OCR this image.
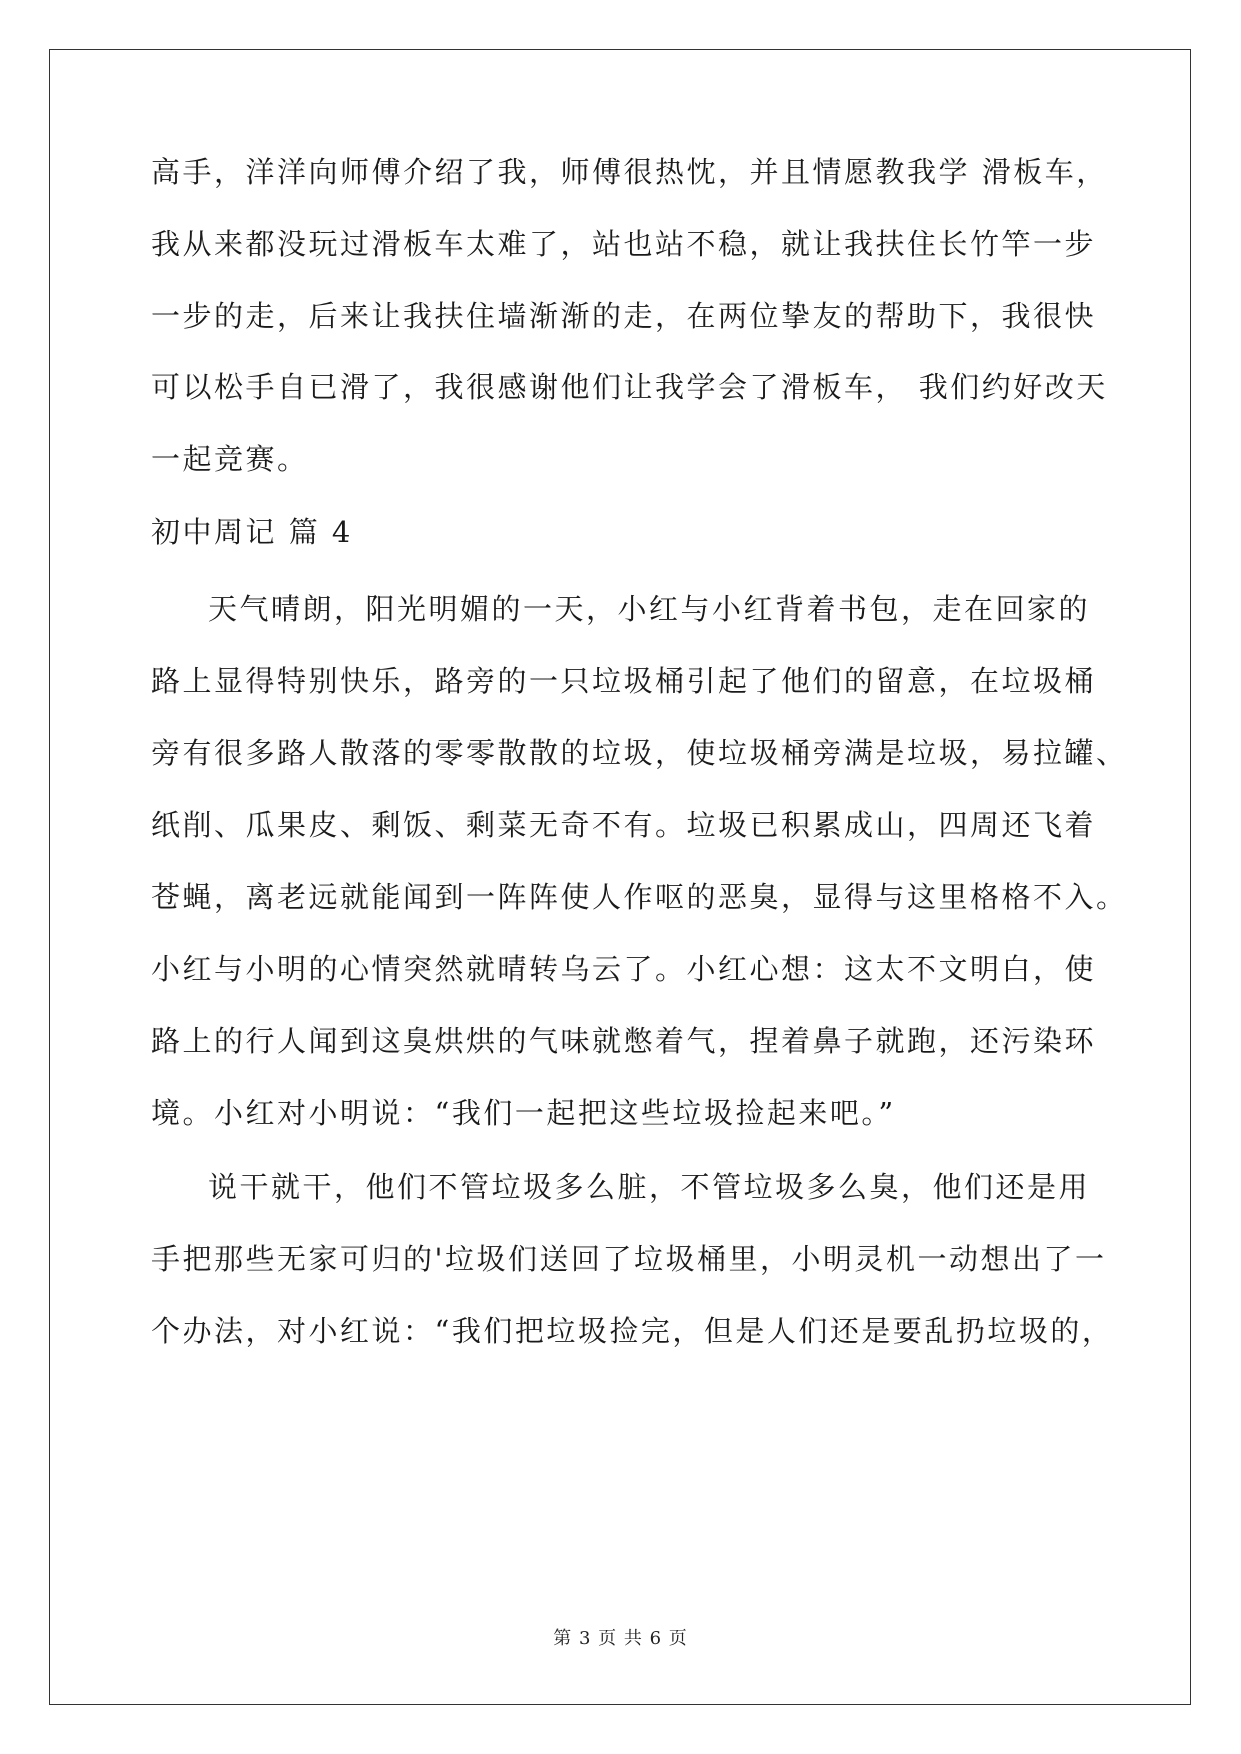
高手，洋洋向师傅介绍了我，师傅很热忱，并且情愿教我学 滑板车，
我从来都没玩过滑板车太难了，站也站不稳，就让我扶住长竹竿一步
一步的走，后来让我扶住墙渐渐的走，在两位挚友的帮助下，我很快
可以松手自已滑了，我很感谢他们让我学会了滑板车， 我们约好改天
一起竞赛。
初中周记 篇 4
天气晴朗，阳光明媚的一天，小红与小红背着书包，走在回家的
路上显得特别快乐，路旁的一只垃圾桶引起了他们的留意，在垃圾桶
旁有很多路人散落的零零散散的垃圾，使垃圾桶旁满是垃圾，易拉罐、
纸削、瓜果皮、剩饭、剩菜无奇不有。垃圾已积累成山，四周还飞着
苍蝇，离老远就能闻到一阵阵使人作呕的恶臭，显得与这里格格不入。
小红与小明的心情突然就晴转乌云了。小红心想：这太不文明白，使
路上的行人闻到这臭烘烘的气味就憋着气，捏着鼻子就跑，还污染环
境。小红对小明说：“我们一起把这些垃圾捡起来吧。”
说干就干，他们不管垃圾多么脏，不管垃圾多么臭，他们还是用
手把那些无家可归的'垃圾们送回了垃圾桶里，小明灵机一动想出了一
个办法，对小红说：“我们把垃圾捡完，但是人们还是要乱扔垃圾的，
第 3 页 共 6 页
